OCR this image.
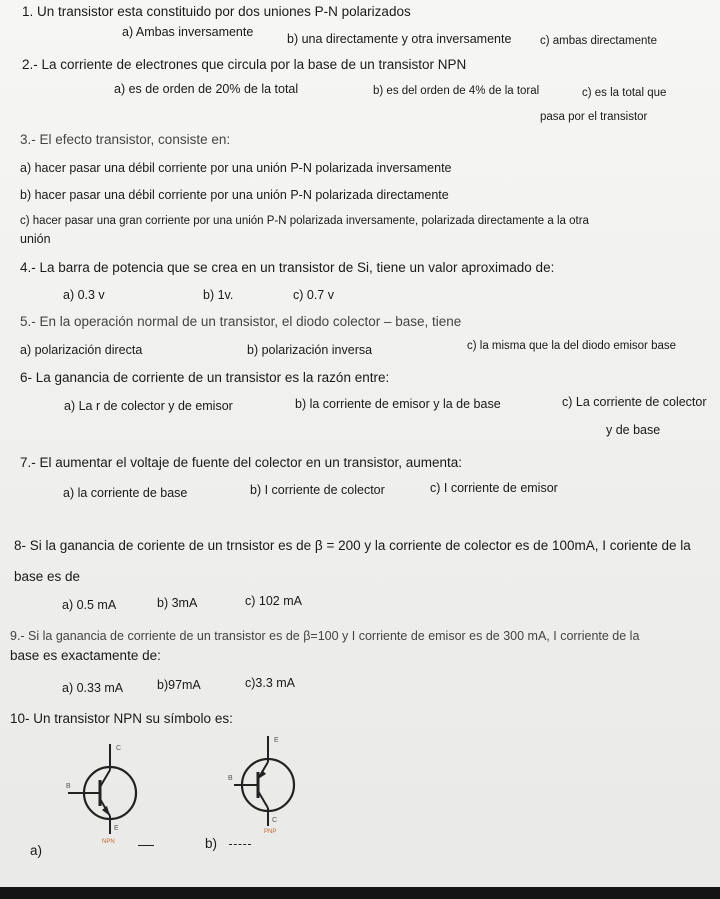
1. Un transistor esta constituido por dos uniones P-N polarizados
a) Ambas inversamente	b) una directamente y otra inversamente c) ambas directamente
2.- La corriente de electrones que circula por la base de un transistor NPN
a) es de orden de 20% de la total	b) es del orden de 4% de la toral	c) es la total que
pasa por el transistor
3.- El efecto transistor, consiste en:
a) hacer pasar una débil corriente por una unión P-N polarizada inversamente
b) hacer pasar una débil corriente por una unión P-N polarizada directamente
c) hacer pasar una gran corriente por una unión P-N polarizada inversamente, polarizada directamente a la otra
unión
4.- La barra de potencia que se crea en un transistor de Si, tiene un valor aproximado de:
a) 0.3 v	b) 1v.	c) 0.7 v
5.- En la operación normal de un transistor, el diodo colector – base, tiene
a) polarización directa	b) polarización inversa	c) la misma que la del diodo emisor base
6- La ganancia de corriente de un transistor es la razón entre:
a) La r de colector y de emisor	b) la corriente de emisor y la de base	c) La corriente de colector
y de base
7.- El aumentar el voltaje de fuente del colector en un transistor, aumenta:
a) la corriente de base	b) I corriente de colector	c) I corriente de emisor
8- Si la ganancia de coriente de un trnsistor es de β = 200 y la corriente de colector es de 100mA, I coriente de la
base es de
a) 0.5 mA	b) 3mA	c) 102 mA
9.- Si la ganancia de corriente de un transistor es de β=100 y I corriente de emisor es de 300 mA, I corriente de la
base es exactamente de:
a) 0.33 mA	b)97mA	c)3.3 mA
10- Un transistor NPN su símbolo es:
C
B
E
NPN
E
B
C
PNP
a)	b)
